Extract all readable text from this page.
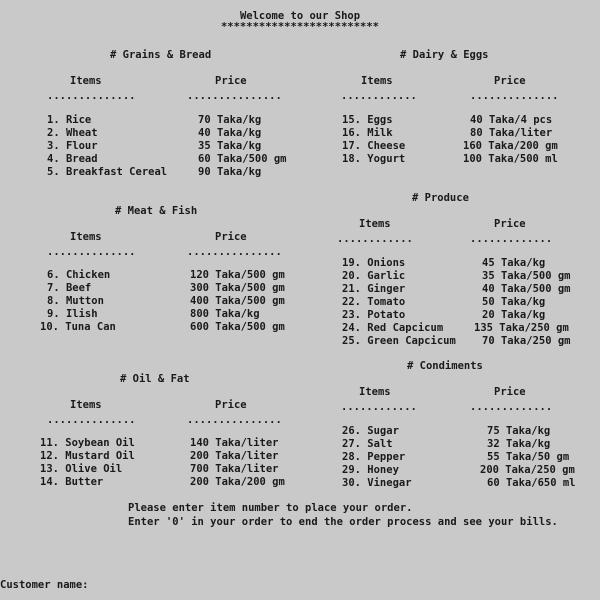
Welcome to our Shop
*************************
# Grains & Bread
Items	Price
..............	...............
1. Rice	70 Taka/kg
2. Wheat	40 Taka/kg
3. Flour	35 Taka/kg
4. Bread	60 Taka/500 gm
5. Breakfast Cereal	90 Taka/kg
# Dairy & Eggs
Items	Price
............	..............
15. Eggs	40 Taka/4 pcs
16. Milk	80 Taka/liter
17. Cheese	160 Taka/200 gm
18. Yogurt	100 Taka/500 ml
# Meat & Fish
Items	Price
..............	...............
6. Chicken	120 Taka/500 gm
7. Beef	300 Taka/500 gm
8. Mutton	400 Taka/500 gm
9. Ilish	800 Taka/kg
10. Tuna Can	600 Taka/500 gm
# Produce
Items	Price
............	.............
19. Onions	45 Taka/kg
20. Garlic	35 Taka/500 gm
21. Ginger	40 Taka/500 gm
22. Tomato	50 Taka/kg
23. Potato	20 Taka/kg
24. Red Capcicum	135 Taka/250 gm
25. Green Capcicum 70 Taka/250 gm
# Oil & Fat
Items	Price
..............	...............
11. Soybean Oil	140 Taka/liter
12. Mustard Oil	200 Taka/liter
13. Olive Oil	700 Taka/liter
14. Butter	200 Taka/200 gm
# Condiments
Items	Price
............	.............
26. Sugar	75 Taka/kg
27. Salt	32 Taka/kg
28. Pepper	55 Taka/50 gm
29. Honey	200 Taka/250 gm
30. Vinegar	60 Taka/650 ml
Please enter item number to place your order.
Enter '0' in your order to end the order process and see your bills.
Customer name:
